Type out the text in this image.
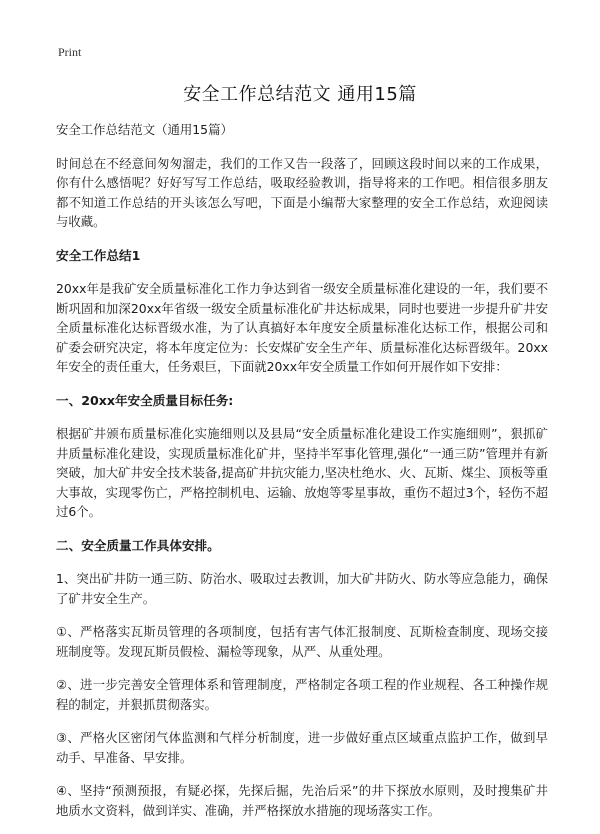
Print
安全工作总结范文 通用15篇

安全工作总结范文（通用15篇）

时间总在不经意间匆匆溜走，我们的工作又告一段落了，回顾这段时间以来的工作成果，你有什么感悟呢？好好写写工作总结，吸取经验教训，指导将来的工作吧。相信很多朋友都不知道工作总结的开头该怎么写吧，下面是小编帮大家整理的安全工作总结，欢迎阅读与收藏。

安全工作总结1

20xx年是我矿安全质量标准化工作力争达到省一级安全质量标准化建设的一年，我们要不断巩固和加深20xx年省级一级安全质量标准化矿井达标成果，同时也要进一步提升矿井安全质量标准化达标晋级水准，为了认真搞好本年度安全质量标准化达标工作，根据公司和矿委会研究决定，将本年度定位为：长安煤矿安全生产年、质量标准化达标晋级年。20xx年安全的责任重大，任务艰巨，下面就20xx年安全质量工作如何开展作如下安排：

一、20xx年安全质量目标任务:

根据矿井颁布质量标准化实施细则以及县局“安全质量标准化建设工作实施细则”，狠抓矿井质量标准化建设，实现质量标准化矿井，坚持半军事化管理,强化“一通三防”管理并有新突破，加大矿井安全技术装备,提高矿井抗灾能力,坚决杜绝水、火、瓦斯、煤尘、顶板等重大事故，实现零伤亡，严格控制机电、运输、放炮等零星事故，重伤不超过3个，轻伤不超过6个。

二、安全质量工作具体安排。

1、突出矿井防一通三防、防治水、吸取过去教训，加大矿井防火、防水等应急能力，确保了矿井安全生产。

①、严格落实瓦斯员管理的各项制度，包括有害气体汇报制度、瓦斯检查制度、现场交接班制度等。发现瓦斯员假检、漏检等现象，从严、从重处理。

②、进一步完善安全管理体系和管理制度，严格制定各项工程的作业规程、各工种操作规程的制定，并狠抓贯彻落实。

③、严格火区密闭气体监测和气样分析制度，进一步做好重点区域重点监护工作，做到早动手、早准备、早安排。

④、坚持“预测预报，有疑必探，先探后掘，先治后采”的井下探放水原则，及时搜集矿井地质水文资料，做到详实、准确，并严格探放水措施的现场落实工作。
